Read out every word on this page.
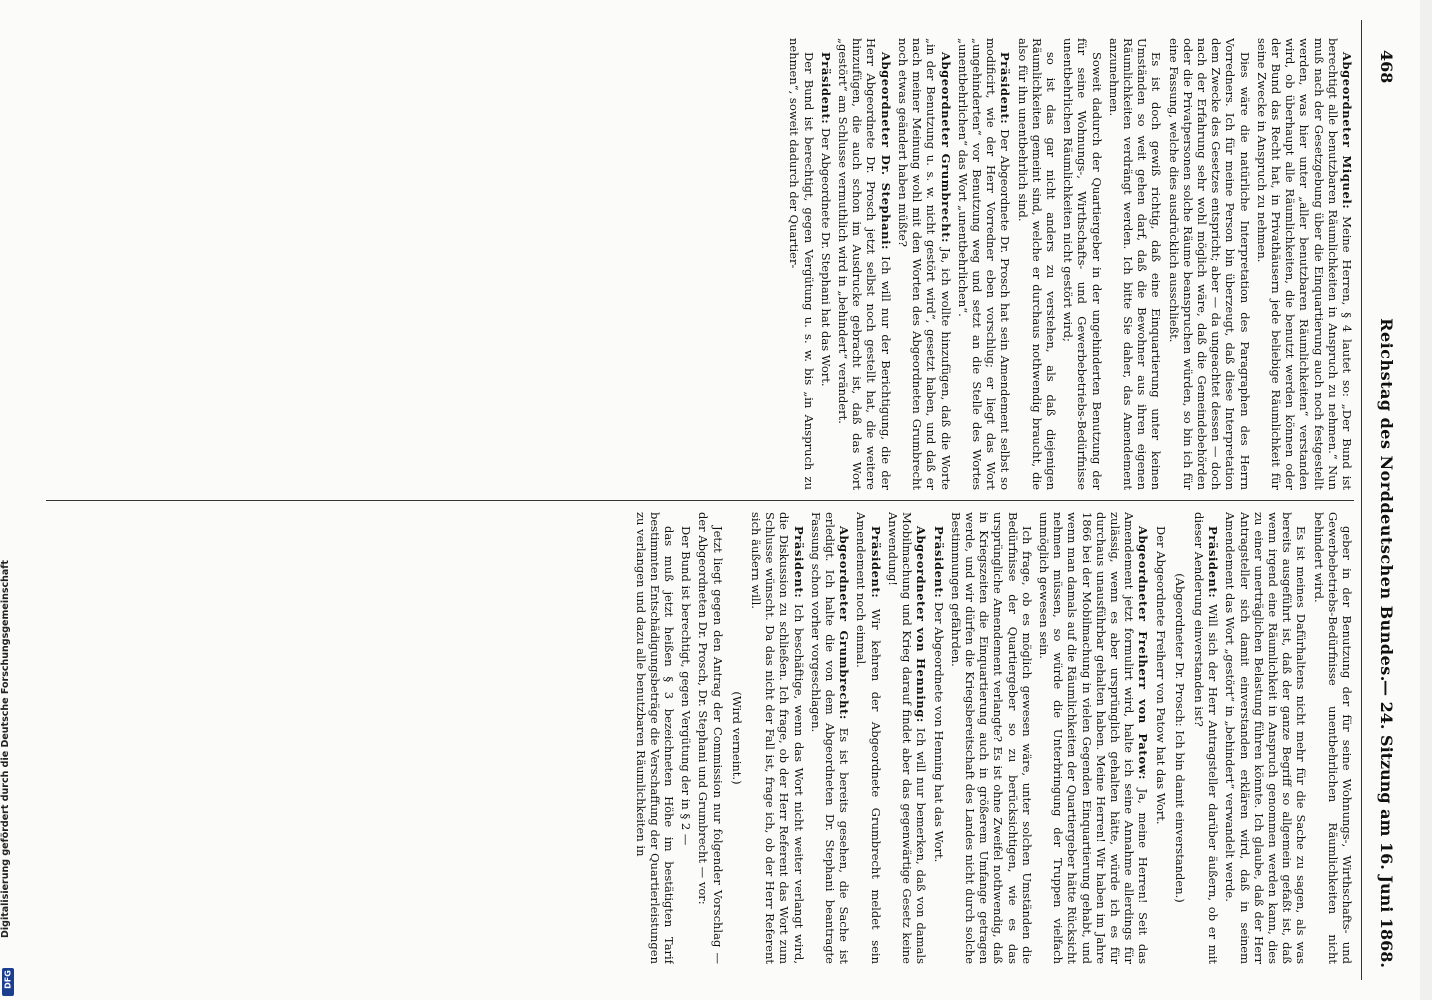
468
Reichstag des Norddeutschen Bundes.
— 24. Sitzung am 16. Juni 1868.

Abgeordneter Miquel: Meine Herren, § 4 lautet so: „Der Bund ist berechtigt alle benutzbaren Räumlichkeiten in Anspruch zu nehmen.“ Nun muß nach der Gesetzgebung über die Einquartierung auch noch festgestellt werden, was hier unter „aller benutzbaren Räumlichkeiten“ verstanden wird, ob überhaupt alle Räumlichkeiten, die benutzt werden können oder der Bund das Recht hat, in Privathäusern jede beliebige Räumlichkeit für seine Zwecke in Anspruch zu nehmen.

Dies wäre die natürliche Interpretation des Paragraphen des Herrn Vorredners. Ich für meine Person bin überzeugt, daß diese Interpretation dem Zwecke des Gesetzes entspricht; aber — da ungeachtet dessen — doch nach der Erfahrung sehr wohl möglich wäre, daß die Gemeindebehörden oder die Privatpersonen solche Räume beanspruchen würden, so bin ich für eine Fassung, welche dies ausdrücklich ausschließt.

Es ist doch gewiß richtig, daß eine Einquartierung unter keinen Umständen so weit gehen darf, daß die Bewohner aus ihren eigenen Räumlichkeiten verdrängt werden. Ich bitte Sie daher, das Amendement anzunehmen.

Soweit dadurch der Quartiergeber in der ungehinderten Benutzung der für seine Wohnungs-, Wirthschafts- und Gewerbebetriebs-Bedürfnisse unentbehrlichen Räumlichkeiten nicht gestört wird;

so ist das gar nicht anders zu verstehen, als daß diejenigen Räumlichkeiten gemeint sind, welche er durchaus nothwendig braucht, die also für ihn unentbehrlich sind.

Präsident: Der Abgeordnete Dr. Prosch hat sein Amendement selbst so modificirt, wie der Herr Vorredner eben vorschlug; er liegt das Wort „ungehinderten“ vor Benutzung weg und setzt an die Stelle des Wortes „unentbehrlichen“ das Wort „unentbehrlichen“.

Abgeordneter Grumbrecht: Ja, ich wollte hinzufügen, daß die Worte „in der Benutzung u. s. w. nicht gestört wird“, gesetzt haben, und daß er nach meiner Meinung wohl mit den Worten des Abgeordneten Grumbrecht noch etwas geändert haben müßte?

Abgeordneter Dr. Stephani: Ich will nur der Berichtigung, die der Herr Abgeordnete Dr. Prosch jetzt selbst noch gestellt hat, die weitere hinzufügen, die auch schon im Ausdrucke gebracht ist, daß das Wort „gestört“ am Schlusse vermuthlich wird in „behindert“ verändert.

Präsident: Der Abgeordnete Dr. Stephani hat das Wort.

Der Bund ist berechtigt, gegen Vergütung u. s. w. bis „in Anspruch zu nehmen“, soweit dadurch der Quartier-

geber in der Benutzung der für seine Wohnungs-, Wirthschafts- und Gewerbebetriebs-Bedürfnisse unentbehrlichen Räumlichkeiten nicht behindert wird.

Es ist meines Dafürhaltens nicht mehr für die Sache zu sagen, als was bereits ausgeführt ist, daß der ganze Begriff so allgemein gefaßt ist, daß wenn irgend eine Räumlichkeit in Anspruch genommen werden kann, dies zu einer unerträglichen Belastung führen könnte. Ich glaube, daß der Herr Antragsteller sich damit einverstanden erklären wird, daß in seinem Amendement das Wort „gestört“ in „behindert“ verwandelt werde.

Präsident: Will sich der Herr Antragsteller darüber äußern, ob er mit dieser Aenderung einverstanden ist?

(Abgeordneter Dr. Prosch: Ich bin damit einverstanden.)

Der Abgeordnete Freiherr von Patow hat das Wort.

Abgeordneter Freiherr von Patow: Ja, meine Herren! Seit das Amendement jetzt formulirt wird, halte ich seine Annahme allerdings für zulässig, wenn es aber ursprünglich gehalten hätte, würde ich es für durchaus unausführbar gehalten haben. Meine Herren! Wir haben im Jahre 1866 bei der Mobilmachung in vielen Gegenden Einquartierung gehabt, und wenn man damals auf die Räumlichkeiten der Quartiergeber hätte Rücksicht nehmen müssen, so würde die Unterbringung der Truppen vielfach unmöglich gewesen sein.

Ich frage, ob es möglich gewesen wäre, unter solchen Umständen die Bedürfnisse der Quartiergeber so zu berücksichtigen, wie es das ursprüngliche Amendement verlangte? Es ist ohne Zweifel nothwendig, daß in Kriegszeiten die Einquartierung auch in größerem Umfange getragen werde, und wir dürfen die Kriegsbereitschaft des Landes nicht durch solche Bestimmungen gefährden.

Präsident: Der Abgeordnete von Henning hat das Wort.

Abgeordneter von Henning: Ich will nur bemerken, daß von damals Mobilmachung und Krieg darauf findet aber das gegenwärtige Gesetz keine Anwendung!

Präsident: Wir kehren der Abgeordnete Grumbrecht meldet sein Amendement noch einmal.

Abgeordneter Grumbrecht: Es ist bereits gesehen, die Sache ist erledigt. Ich halte die von dem Abgeordneten Dr. Stephani beantragte Fassung schon vorher vorgeschlagen.

Präsident: Ich beschäftige, wenn das Wort nicht weiter verlangt wird, die Diskussion zu schließen. Ich frage, ob der Herr Referent das Wort zum Schlusse wünscht. Da das nicht der Fall ist, frage ich, ob der Herr Referent sich äußern will.

(Wird verneint.)

Jetzt liegt gegen den Antrag der Commission nur folgender Vorschlag — der Abgeordneten Dr. Prosch, Dr. Stephani und Grumbrecht — vor:

Der Bund ist berechtigt, gegen Vergütung der in § 2 —

das muß jetzt heißen § 3 bezeichneten Höhe im bestätigten Tarif bestimmten Entschädigungsbeträge die Verschaffung der Quartierleistungen zu verlangen und dazu alle benutzbaren Räumlichkeiten in

Digitalisierung gefördert durch die Deutsche Forschungsgemeinschaft
DFG
